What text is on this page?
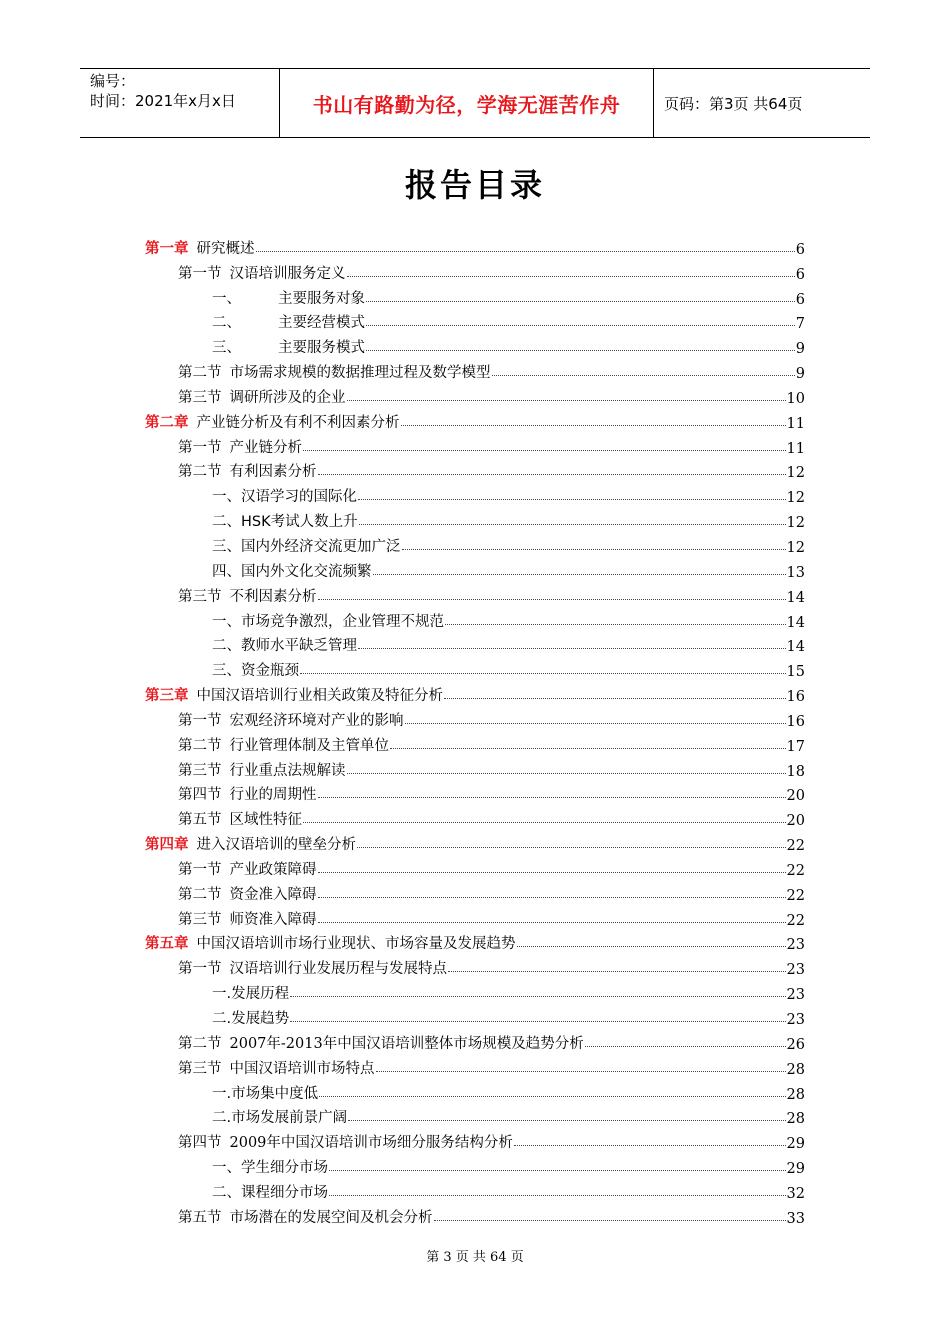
编号：
时间：2021年x月x日	书山有路勤为径，学海无涯苦作舟	页码：第3页 共64页
报告目录
第一章 研究概述	6
第一节 汉语培训服务定义	6
一、	主要服务对象	6
二、	主要经营模式	7
三、	主要服务模式	9
第二节 市场需求规模的数据推理过程及数学模型	9
第三节 调研所涉及的企业	10
第二章 产业链分析及有利不利因素分析	11
第一节 产业链分析	11
第二节 有利因素分析	12
一、汉语学习的国际化	12
二、HSK考试人数上升	12
三、国内外经济交流更加广泛	12
四、国内外文化交流频繁	13
第三节 不利因素分析	14
一、市场竞争激烈，企业管理不规范	14
二、教师水平缺乏管理	14
三、资金瓶颈	15
第三章 中国汉语培训行业相关政策及特征分析	16
第一节 宏观经济环境对产业的影响	16
第二节 行业管理体制及主管单位	17
第三节 行业重点法规解读	18
第四节 行业的周期性	20
第五节 区域性特征	20
第四章 进入汉语培训的壁垒分析	22
第一节 产业政策障碍	22
第二节 资金准入障碍	22
第三节 师资准入障碍	22
第五章 中国汉语培训市场行业现状、市场容量及发展趋势	23
第一节 汉语培训行业发展历程与发展特点	23
一.发展历程	23
二.发展趋势	23
第二节 2007年-2013年中国汉语培训整体市场规模及趋势分析	26
第三节 中国汉语培训市场特点	28
一.市场集中度低	28
二.市场发展前景广阔	28
第四节 2009年中国汉语培训市场细分服务结构分析	29
一、学生细分市场	29
二、课程细分市场	32
第五节 市场潜在的发展空间及机会分析	33
第 3 页 共 64 页
